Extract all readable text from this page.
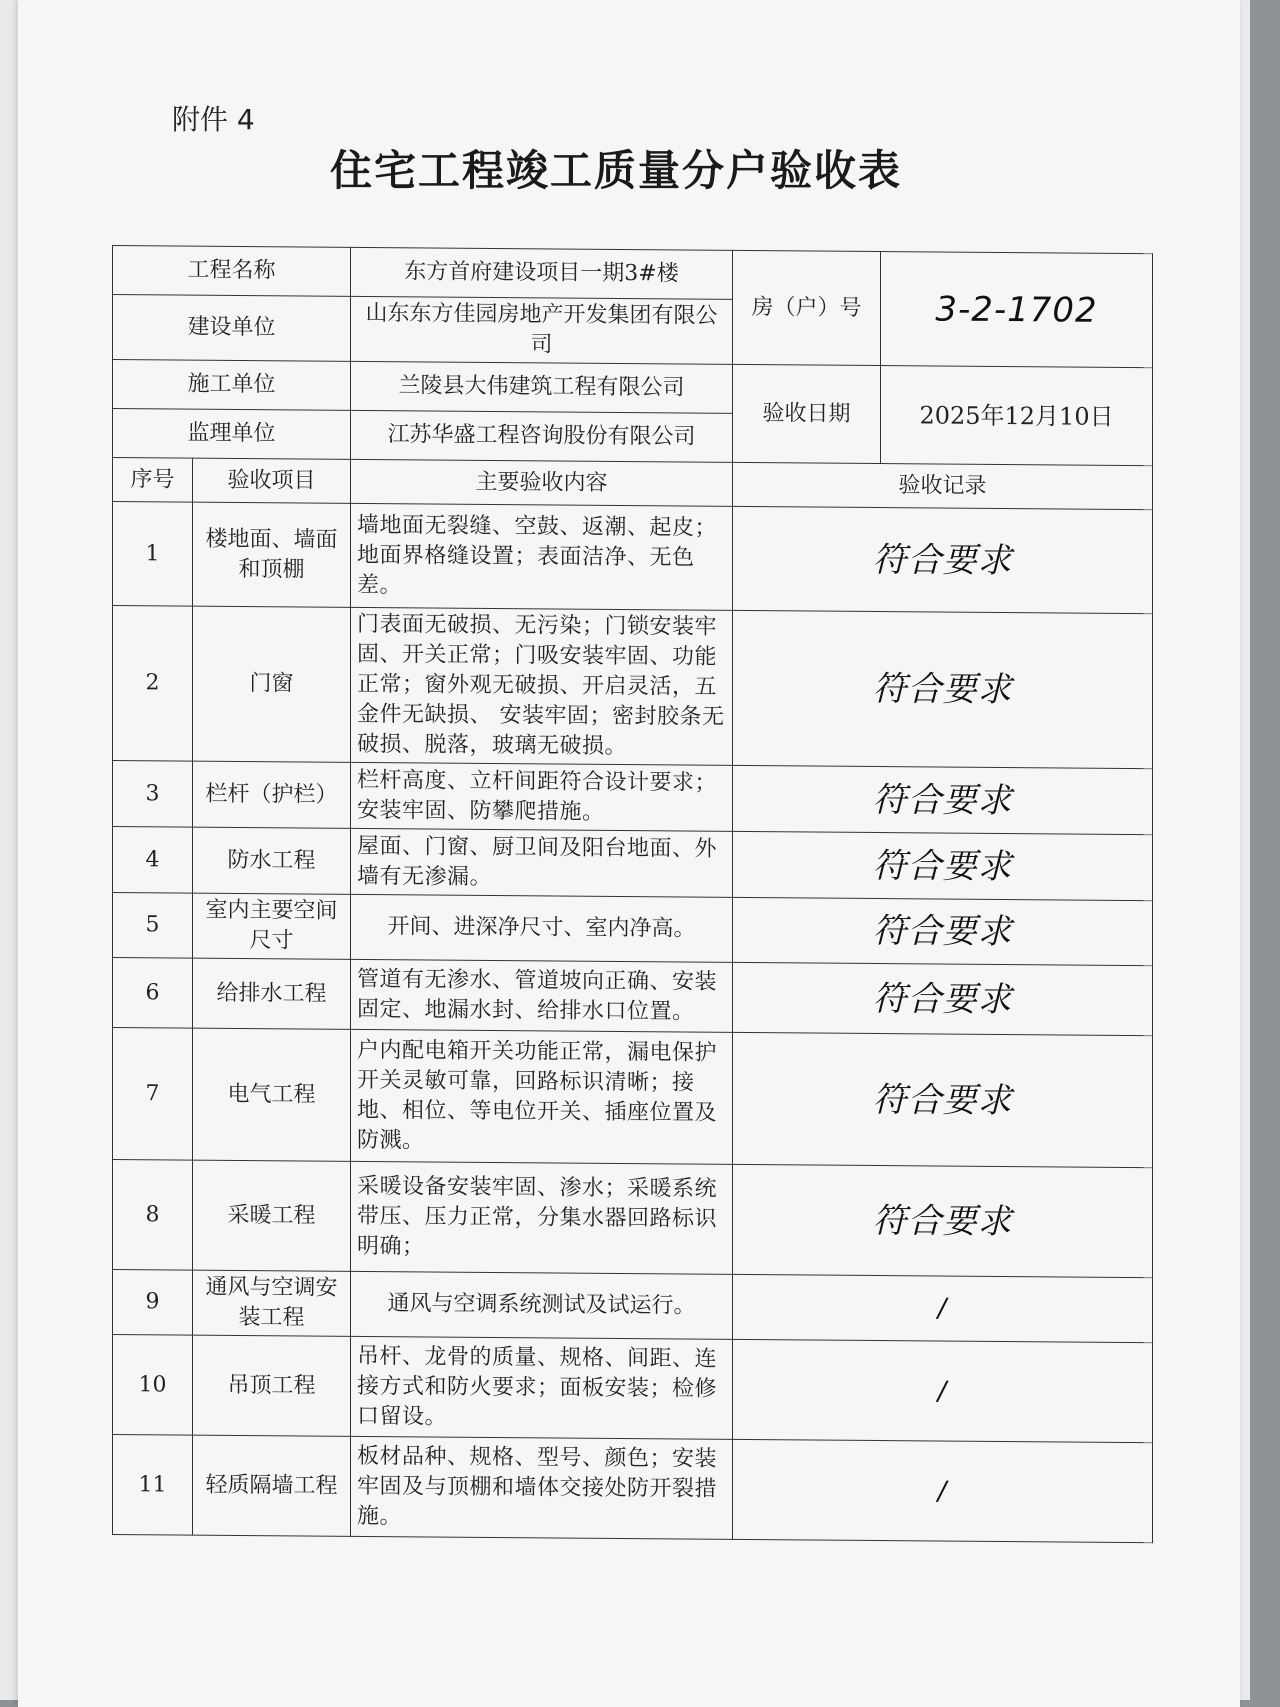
附件 4
住宅工程竣工质量分户验收表
工程名称		东方首府建设项目一期3#楼	房（户）号	3-2-1702
建设单位		山东东方佳园房地产开发集团有限公司		
施工单位		兰陵县大伟建筑工程有限公司	验收日期	2025年12月10日
监理单位		江苏华盛工程咨询股份有限公司		
序号	验收项目	主要验收内容	验收记录	
1	楼地面、墙面和顶棚	墙地面无裂缝、空鼓、返潮、起皮；地面界格缝设置；表面洁净、无色差。	符合要求	
2	门窗	门表面无破损、无污染；门锁安装牢固、开关正常；门吸安装牢固、功能正常；窗外观无破损、开启灵活，五金件无缺损、 安装牢固；密封胶条无破损、脱落，玻璃无破损。	符合要求	
3	栏杆（护栏）	栏杆高度、立杆间距符合设计要求；安装牢固、防攀爬措施。	符合要求	
4	防水工程	屋面、门窗、厨卫间及阳台地面、外墙有无渗漏。	符合要求	
5	室内主要空间尺寸	开间、进深净尺寸、室内净高。	符合要求	
6	给排水工程	管道有无渗水、管道坡向正确、安装固定、地漏水封、给排水口位置。	符合要求	
7	电气工程	户内配电箱开关功能正常，漏电保护开关灵敏可靠，回路标识清晰；接地、相位、等电位开关、插座位置及防溅。	符合要求	
8	采暖工程	采暖设备安装牢固、渗水；采暖系统带压、压力正常，分集水器回路标识明确；	符合要求	
9	通风与空调安装工程	通风与空调系统测试及试运行。	/	
10	吊顶工程	吊杆、龙骨的质量、规格、间距、连接方式和防火要求；面板安装；检修口留设。	/	
11	轻质隔墙工程	板材品种、规格、型号、颜色；安装牢固及与顶棚和墙体交接处防开裂措施。	/	
